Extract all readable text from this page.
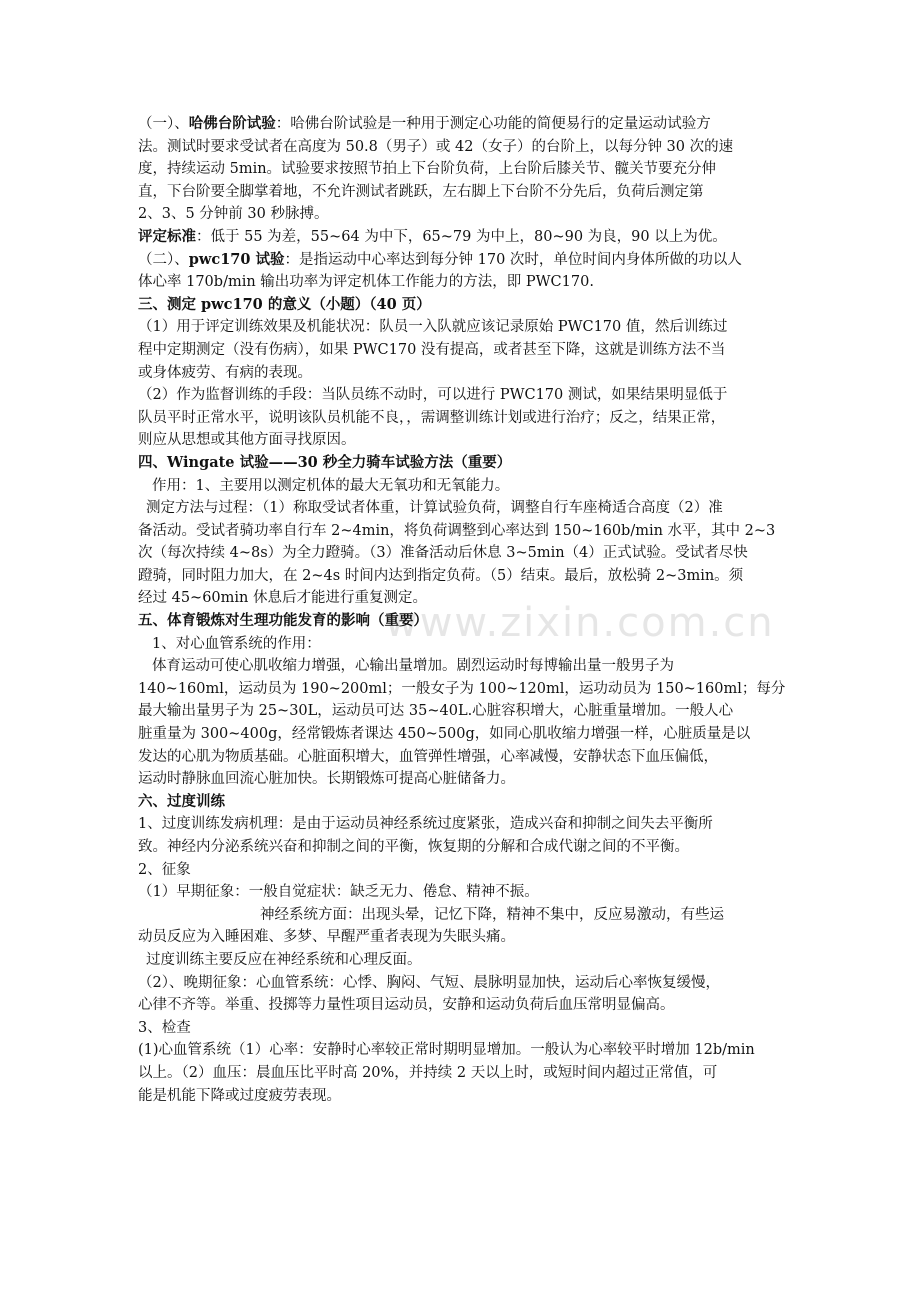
www.zixin.com.cn
（一）、哈佛台阶试验：哈佛台阶试验是一种用于测定心功能的简便易行的定量运动试验方
法。测试时要求受试者在高度为 50.8（男子）或 42（女子）的台阶上，以每分钟 30 次的速
度，持续运动 5min。试验要求按照节拍上下台阶负荷，上台阶后膝关节、髋关节要充分伸
直，下台阶要全脚掌着地，不允许测试者跳跃，左右脚上下台阶不分先后，负荷后测定第
2、3、5 分钟前 30 秒脉搏。
评定标准：低于 55 为差，55~64 为中下，65~79 为中上，80~90 为良，90 以上为优。
（二）、pwc170 试验：是指运动中心率达到每分钟 170 次时，单位时间内身体所做的功以人
体心率 170b/min 输出功率为评定机体工作能力的方法，即 PWC170.
三、测定 pwc170 的意义（小题）（40 页）
（1）用于评定训练效果及机能状况：队员一入队就应该记录原始 PWC170 值，然后训练过
程中定期测定（没有伤病），如果 PWC170 没有提高，或者甚至下降，这就是训练方法不当
或身体疲劳、有病的表现。
（2）作为监督训练的手段：当队员练不动时，可以进行 PWC170 测试，如果结果明显低于
队员平时正常水平，说明该队员机能不良，，需调整训练计划或进行治疗；反之，结果正常，
则应从思想或其他方面寻找原因。
四、Wingate 试验——30 秒全力骑车试验方法（重要）
作用：1、主要用以测定机体的最大无氧功和无氧能力。
测定方法与过程：（1）称取受试者体重，计算试验负荷，调整自行车座椅适合高度（2）准
备活动。受试者骑功率自行车 2~4min，将负荷调整到心率达到 150~160b/min 水平，其中 2~3
次（每次持续 4~8s）为全力蹬骑。（3）准备活动后休息 3~5min（4）正式试验。受试者尽快
蹬骑，同时阻力加大，在 2~4s 时间内达到指定负荷。（5）结束。最后，放松骑 2~3min。须
经过 45~60min 休息后才能进行重复测定。
五、体育锻炼对生理功能发育的影响（重要）
1、对心血管系统的作用：
体育运动可使心肌收缩力增强，心输出量增加。剧烈运动时每博输出量一般男子为
140~160ml，运动员为 190~200ml；一般女子为 100~120ml，运功动员为 150~160ml；每分
最大输出量男子为 25~30L，运动员可达 35~40L.心脏容积增大，心脏重量增加。一般人心
脏重量为 300~400g，经常锻炼者课达 450~500g，如同心肌收缩力增强一样，心脏质量是以
发达的心肌为物质基础。心脏面积增大，血管弹性增强，心率减慢，安静状态下血压偏低，
运动时静脉血回流心脏加快。长期锻炼可提高心脏储备力。
六、过度训练
1、过度训练发病机理：是由于运动员神经系统过度紧张，造成兴奋和抑制之间失去平衡所
致。神经内分泌系统兴奋和抑制之间的平衡，恢复期的分解和合成代谢之间的不平衡。
2、征象
（1）早期征象：一般自觉症状：缺乏无力、倦怠、精神不振。
神经系统方面：出现头晕，记忆下降，精神不集中，反应易激动，有些运
动员反应为入睡困难、多梦、早醒严重者表现为失眠头痛。
过度训练主要反应在神经系统和心理反面。
（2）、晚期征象：心血管系统：心悸、胸闷、气短、晨脉明显加快，运动后心率恢复缓慢，
心律不齐等。举重、投掷等力量性项目运动员，安静和运动负荷后血压常明显偏高。
3、检查
(1)心血管系统（1）心率：安静时心率较正常时期明显增加。一般认为心率较平时增加 12b/min
以上。（2）血压：晨血压比平时高 20%，并持续 2 天以上时，或短时间内超过正常值，可
能是机能下降或过度疲劳表现。
